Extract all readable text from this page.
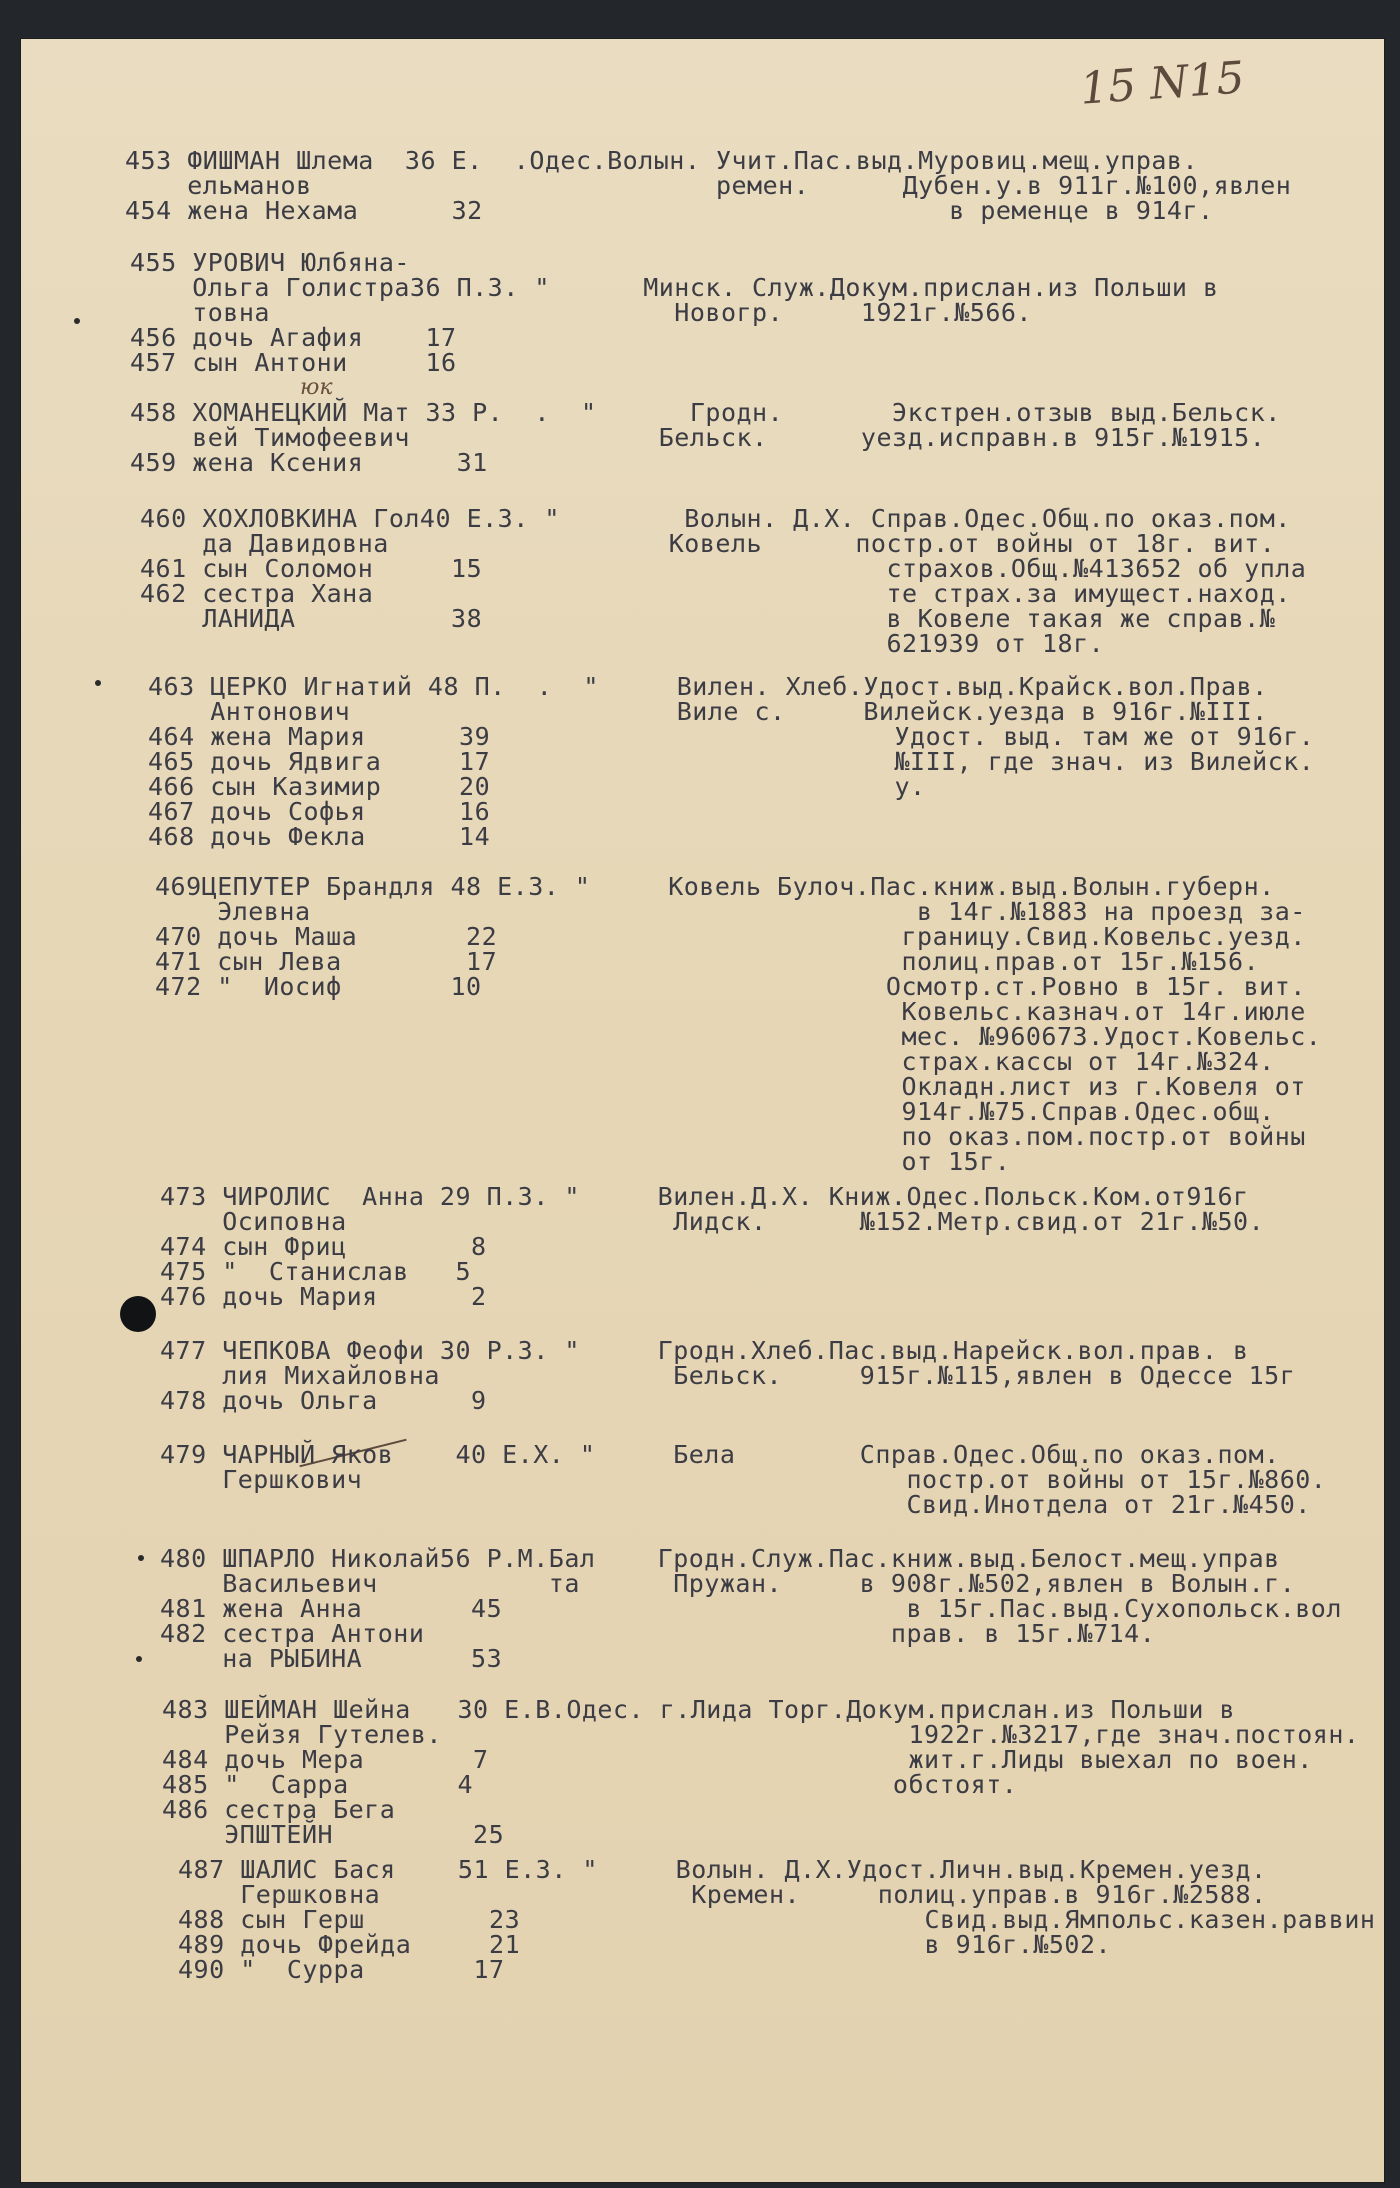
15 N15
юк
453 ФИШМАН Шлема  36 Е.  .Одес.Волын. Учит.Пас.выд.Муровиц.мещ.управ.
ельманов                          ремен.      Дубен.у.в 911г.№100,явлен
454 жена Нехама      32                              в ременце в 914г.
455 УРОВИЧ Юлбяна-
Ольга Голистра36 П.З. "      Минск. Служ.Докум.прислан.из Польши в
товна                          Новогр.     1921г.№566.
456 дочь Агафия    17
457 сын Антони     16
458 ХОМАНЕЦКИЙ Мат 33 Р.  .  "      Гродн.       Экстрен.отзыв выд.Бельск.
вей Тимофеевич                Бельск.      уезд.исправн.в 915г.№1915.
459 жена Ксения      31
460 ХОХЛОВКИНА Гол40 Е.З. "        Волын. Д.Х. Справ.Одес.Общ.по оказ.пом.
да Давидовна                  Ковель      постр.от войны от 18г. вит.
461 сын Соломон     15                          страхов.Общ.№413652 об упла
462 сестра Хана                                 те страх.за имущест.наход.
ЛАНИДА          38                          в Ковеле такая же справ.№
621939 от 18г.
463 ЦЕРКО Игнатий 48 П.  .  "     Вилен. Хлеб.Удост.выд.Крайск.вол.Прав.
Антонович                     Виле с.     Вилейск.уезда в 916г.№III.
464 жена Мария      39                          Удост. выд. там же от 916г.
465 дочь Ядвига     17                          №III, где знач. из Вилейск.
466 сын Казимир     20                          у.
467 дочь Софья      16
468 дочь Фекла      14
469ЦЕПУТЕР Брандля 48 Е.З. "     Ковель Булоч.Пас.книж.выд.Волын.губерн.
Элевна                                       в 14г.№1883 на проезд за-
470 дочь Маша       22                          границу.Свид.Ковельс.уезд.
471 сын Лева        17                          полиц.прав.от 15г.№156.
472 "  Иосиф       10                          Осмотр.ст.Ровно в 15г. вит.
Ковельс.казнач.от 14г.июле
мес. №960673.Удост.Ковельс.
страх.кассы от 14г.№324.
Окладн.лист из г.Ковеля от
914г.№75.Справ.Одес.общ.
по оказ.пом.постр.от войны
от 15г.
473 ЧИРОЛИС  Анна 29 П.З. "     Вилен.Д.Х. Книж.Одес.Польск.Ком.от916г
Осиповна                     Лидск.      №152.Метр.свид.от 21г.№50.
474 сын Фриц        8
475 "  Станислав   5
476 дочь Мария      2
477 ЧЕПКОВА Феофи 30 Р.З. "     Гродн.Хлеб.Пас.выд.Нарейск.вол.прав. в
лия Михайловна               Бельск.     915г.№115,явлен в Одессе 15г
478 дочь Ольга      9
479 ЧАРНЫЙ Яков    40 Е.Х. "     Бела        Справ.Одес.Общ.по оказ.пом.
Гершкович                                   постр.от войны от 15г.№860.
Свид.Инотдела от 21г.№450.
480 ШПАРЛО Николай56 Р.М.Бал    Гродн.Служ.Пас.книж.выд.Белост.мещ.управ
Васильевич           та      Пружан.     в 908г.№502,явлен в Волын.г.
481 жена Анна       45                          в 15г.Пас.выд.Сухопольск.вол
482 сестра Антони                              прав. в 15г.№714.
на РЫБИНА       53
483 ШЕЙМАН Шейна   30 Е.В.Одес. г.Лида Торг.Докум.прислан.из Польши в
Рейзя Гутелев.                              1922г.№3217,где знач.постоян.
484 дочь Мера       7                           жит.г.Лиды выехал по воен.
485 "  Сарра       4                           обстоят.
486 сестра Бега
ЭПШТЕЙН         25
487 ШАЛИС Бася    51 Е.З. "     Волын. Д.Х.Удост.Личн.выд.Кремен.уезд.
Гершковна                    Кремен.     полиц.управ.в 916г.№2588.
488 сын Герш        23                          Свид.выд.Ямпольс.казен.раввин
489 дочь Фрейда     21                          в 916г.№502.
490 "  Сурра       17
